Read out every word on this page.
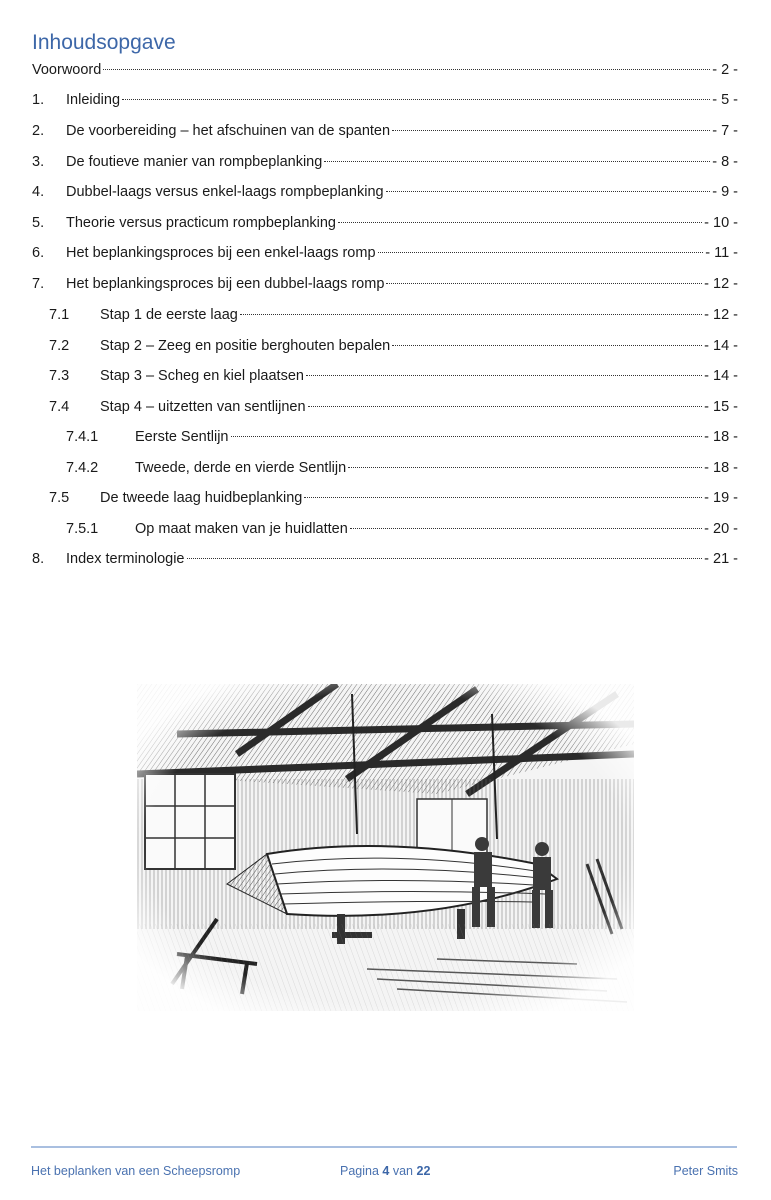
Inhoudsopgave
Voorwoord	- 2 -
1.	Inleiding	- 5 -
2.	De voorbereiding – het afschuinen van de spanten	- 7 -
3.	De foutieve manier van rompbeplanking	- 8 -
4.	Dubbel-laags versus enkel-laags rompbeplanking	- 9 -
5.	Theorie versus practicum rompbeplanking	- 10 -
6.	Het beplankingsproces bij een enkel-laags romp	- 11 -
7.	Het beplankingsproces bij een dubbel-laags romp	- 12 -
7.1	Stap 1 de eerste laag	- 12 -
7.2	Stap 2 – Zeeg en positie berghouten bepalen	- 14 -
7.3	Stap 3 – Scheg en kiel plaatsen	- 14 -
7.4	Stap 4 – uitzetten van sentlijnen	- 15 -
7.4.1	Eerste Sentlijn	- 18 -
7.4.2	Tweede, derde en vierde Sentlijn	- 18 -
7.5	De tweede laag huidbeplanking	- 19 -
7.5.1	Op maat maken van je huidlatten	- 20 -
8.	Index terminologie	- 21 -
Het beplanken van een Scheepsromp	Pagina 4 van 22	Peter Smits
